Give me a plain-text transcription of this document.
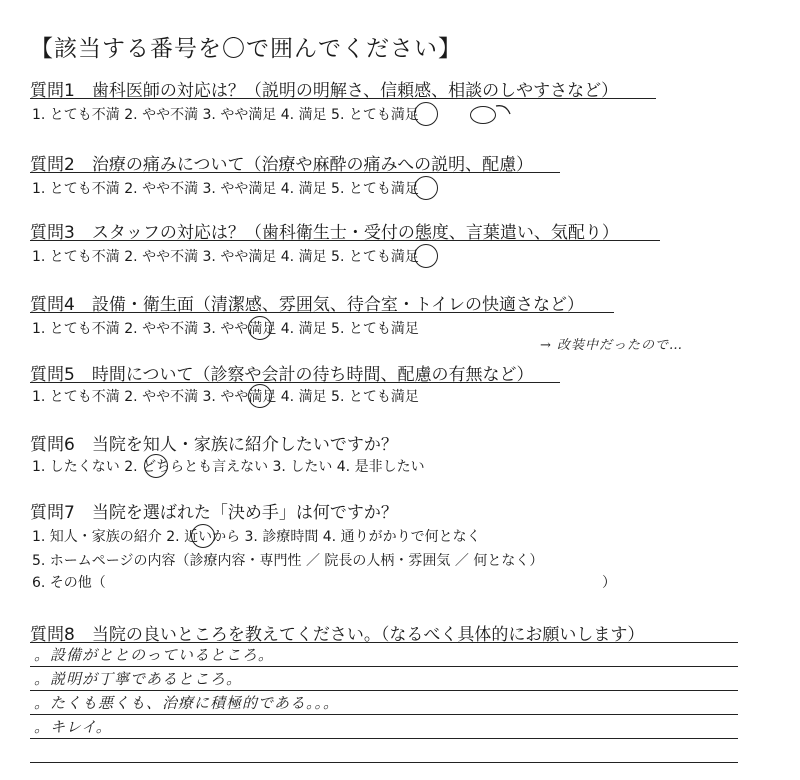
【該当する番号を〇で囲んでください】
質問1　歯科医師の対応は？（説明の明解さ、信頼感、相談のしやすさなど）
1. とても不満 2. やや不満 3. やや満足 4. 満足 5. とても満足
質問2　治療の痛みについて（治療や麻酔の痛みへの説明、配慮）
1. とても不満 2. やや不満 3. やや満足 4. 満足 5. とても満足
質問3　スタッフの対応は？（歯科衛生士・受付の態度、言葉遣い、気配り）
1. とても不満 2. やや不満 3. やや満足 4. 満足 5. とても満足
質問4　設備・衛生面（清潔感、雰囲気、待合室・トイレの快適さなど）
1. とても不満 2. やや不満 3. やや満足 4. 満足 5. とても満足
→ 改装中だったので…
質問5　時間について（診察や会計の待ち時間、配慮の有無など）
1. とても不満 2. やや不満 3. やや満足 4. 満足 5. とても満足
質問6　当院を知人・家族に紹介したいですか？
1. したくない 2. どちらとも言えない 3. したい 4. 是非したい
質問7　当院を選ばれた「決め手」は何ですか？
1. 知人・家族の紹介 2. 近いから 3. 診療時間 4. 通りがかりで何となく
5. ホームページの内容（診療内容・専門性 ／ 院長の人柄・雰囲気 ／ 何となく）
6. その他（	）
質問8　当院の良いところを教えてください。（なるべく具体的にお願いします）
。設備がととのっているところ。
。説明が丁寧であるところ。
。たくも悪くも、治療に積極的である。。。
。キレイ。
